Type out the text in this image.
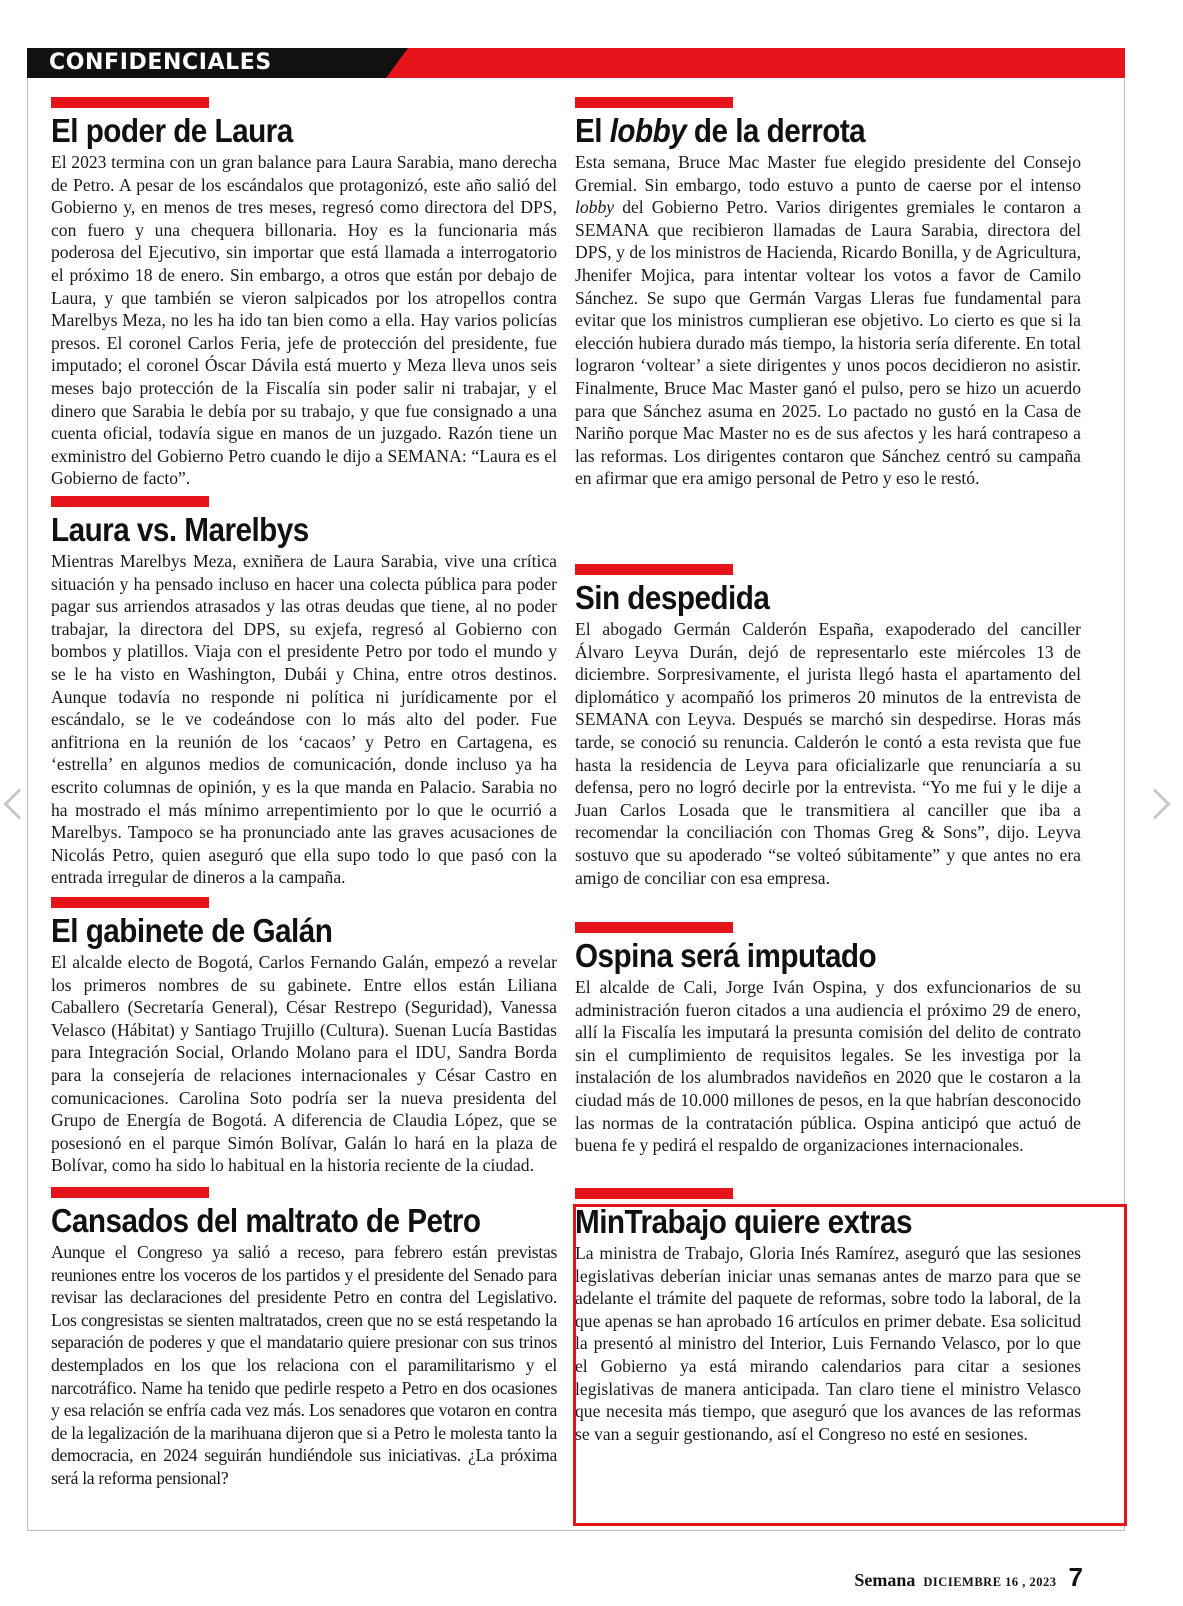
CONFIDENCIALES
El poder de Laura
El 2023 termina con un gran balance para Laura Sarabia, mano derecha de Petro. A pesar de los escándalos que protagonizó, este año salió del Gobierno y, en menos de tres meses, regresó como directora del DPS, con fuero y una chequera billonaria. Hoy es la funcionaria más poderosa del Ejecutivo, sin importar que está llamada a interrogatorio el próximo 18 de enero. Sin embargo, a otros que están por debajo de Laura, y que también se vieron salpicados por los atropellos contra Marelbys Meza, no les ha ido tan bien como a ella. Hay varios policías presos. El coronel Carlos Feria, jefe de protección del presidente, fue imputado; el coronel Óscar Dávila está muerto y Meza lleva unos seis meses bajo protección de la Fiscalía sin poder salir ni trabajar, y el dinero que Sarabia le debía por su trabajo, y que fue consignado a una cuenta oficial, todavía sigue en manos de un juzgado. Razón tiene un exministro del Gobierno Petro cuando le dijo a SEMANA: “Laura es el Gobierno de facto”.
Laura vs. Marelbys
Mientras Marelbys Meza, exniñera de Laura Sarabia, vive una crítica situación y ha pensado incluso en hacer una colecta pública para poder pagar sus arriendos atrasados y las otras deudas que tiene, al no poder trabajar, la directora del DPS, su exjefa, regresó al Gobierno con bombos y platillos. Viaja con el presidente Petro por todo el mundo y se le ha visto en Washington, Dubái y China, entre otros destinos. Aunque todavía no responde ni política ni jurídicamente por el escándalo, se le ve codeándose con lo más alto del poder. Fue anfitriona en la reunión de los ‘cacaos’ y Petro en Cartagena, es ‘estrella’ en algunos medios de comunicación, donde incluso ya ha escrito columnas de opinión, y es la que manda en Palacio. Sarabia no ha mostrado el más mínimo arrepentimiento por lo que le ocurrió a Marelbys. Tampoco se ha pronunciado ante las graves acusaciones de Nicolás Petro, quien aseguró que ella supo todo lo que pasó con la entrada irregular de dineros a la campaña.
El gabinete de Galán
El alcalde electo de Bogotá, Carlos Fernando Galán, empezó a revelar los primeros nombres de su gabinete. Entre ellos están Liliana Caballero (Secretaría General), César Restrepo (Seguridad), Vanessa Velasco (Hábitat) y Santiago Trujillo (Cultura). Suenan Lucía Bastidas para Integración Social, Orlando Molano para el IDU, Sandra Borda para la consejería de relaciones internacionales y César Castro en comunicaciones. Carolina Soto podría ser la nueva presidenta del Grupo de Energía de Bogotá. A diferencia de Claudia López, que se posesionó en el parque Simón Bolívar, Galán lo hará en la plaza de Bolívar, como ha sido lo habitual en la historia reciente de la ciudad.
Cansados del maltrato de Petro
Aunque el Congreso ya salió a receso, para febrero están previstas reuniones entre los voceros de los partidos y el presidente del Senado para revisar las declaraciones del presidente Petro en contra del Legislativo. Los congresistas se sienten maltratados, creen que no se está respetando la separación de poderes y que el mandatario quiere presionar con sus trinos destemplados en los que los relaciona con el paramilitarismo y el narcotráfico. Name ha tenido que pedirle respeto a Petro en dos ocasiones y esa relación se enfría cada vez más. Los senadores que votaron en contra de la legalización de la marihuana dijeron que si a Petro le molesta tanto la democracia, en 2024 seguirán hundiéndole sus iniciativas. ¿La próxima será la reforma pensional?
El lobby de la derrota
Esta semana, Bruce Mac Master fue elegido presidente del Consejo Gremial. Sin embargo, todo estuvo a punto de caerse por el intenso lobby del Gobierno Petro. Varios dirigentes gremiales le contaron a SEMANA que recibieron llamadas de Laura Sarabia, directora del DPS, y de los ministros de Hacienda, Ricardo Bonilla, y de Agricultura, Jhenifer Mojica, para intentar voltear los votos a favor de Camilo Sánchez. Se supo que Germán Vargas Lleras fue fundamental para evitar que los ministros cumplieran ese objetivo. Lo cierto es que si la elección hubiera durado más tiempo, la historia sería diferente. En total lograron ‘voltear’ a siete dirigentes y unos pocos decidieron no asistir. Finalmente, Bruce Mac Master ganó el pulso, pero se hizo un acuerdo para que Sánchez asuma en 2025. Lo pactado no gustó en la Casa de Nariño porque Mac Master no es de sus afectos y les hará contrapeso a las reformas. Los dirigentes contaron que Sánchez centró su campaña en afirmar que era amigo personal de Petro y eso le restó.
Sin despedida
El abogado Germán Calderón España, exapoderado del canciller Álvaro Leyva Durán, dejó de representarlo este miércoles 13 de diciembre. Sorpresivamente, el jurista llegó hasta el apartamento del diplomático y acompañó los primeros 20 minutos de la entrevista de SEMANA con Leyva. Después se marchó sin despedirse. Horas más tarde, se conoció su renuncia. Calderón le contó a esta revista que fue hasta la residencia de Leyva para oficializarle que renunciaría a su defensa, pero no logró decirle por la entrevista. “Yo me fui y le dije a Juan Carlos Losada que le transmitiera al canciller que iba a recomendar la conciliación con Thomas Greg & Sons”, dijo. Leyva sostuvo que su apoderado “se volteó súbitamente” y que antes no era amigo de conciliar con esa empresa.
Ospina será imputado
El alcalde de Cali, Jorge Iván Ospina, y dos exfuncionarios de su administración fueron citados a una audiencia el próximo 29 de enero, allí la Fiscalía les imputará la presunta comisión del delito de contrato sin el cumplimiento de requisitos legales. Se les investiga por la instalación de los alumbrados navideños en 2020 que le costaron a la ciudad más de 10.000 millones de pesos, en la que habrían desconocido las normas de la contratación pública. Ospina anticipó que actuó de buena fe y pedirá el respaldo de organizaciones internacionales.
MinTrabajo quiere extras
La ministra de Trabajo, Gloria Inés Ramírez, aseguró que las sesiones legislativas deberían iniciar unas semanas antes de marzo para que se adelante el trámite del paquete de reformas, sobre todo la laboral, de la que apenas se han aprobado 16 artículos en primer debate. Esa solicitud la presentó al ministro del Interior, Luis Fernando Velasco, por lo que el Gobierno ya está mirando calendarios para citar a sesiones legislativas de manera anticipada. Tan claro tiene el ministro Velasco que necesita más tiempo, que aseguró que los avances de las reformas se van a seguir gestionando, así el Congreso no esté en sesiones.
Semana DICIEMBRE 16 , 2023 7
